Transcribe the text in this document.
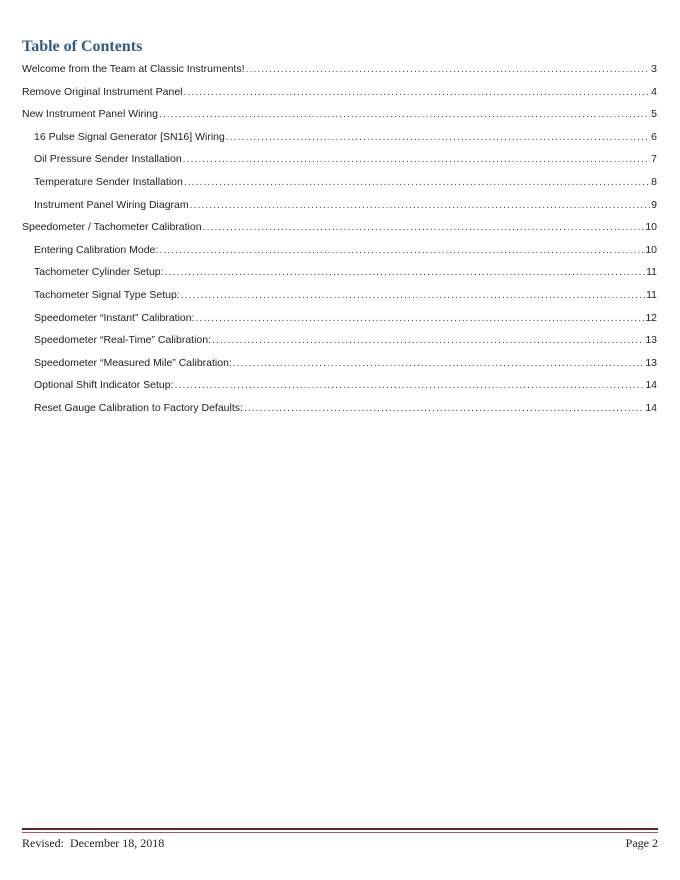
Table of Contents
Welcome from the Team at Classic Instruments! .....	3
Remove Original Instrument Panel .....	4
New Instrument Panel Wiring .....	5
16 Pulse Signal Generator [SN16] Wiring .....	6
Oil Pressure Sender Installation .....	7
Temperature Sender Installation .....	8
Instrument Panel Wiring Diagram .....	9
Speedometer / Tachometer Calibration .....	10
Entering Calibration Mode: .....	10
Tachometer Cylinder Setup: .....	11
Tachometer Signal Type Setup: .....	11
Speedometer “Instant” Calibration: .....	12
Speedometer “Real-Time” Calibration: .....	13
Speedometer “Measured Mile” Calibration: .....	13
Optional Shift Indicator Setup: .....	14
Reset Gauge Calibration to Factory Defaults: .....	14
Revised:  December 18, 2018	Page 2
